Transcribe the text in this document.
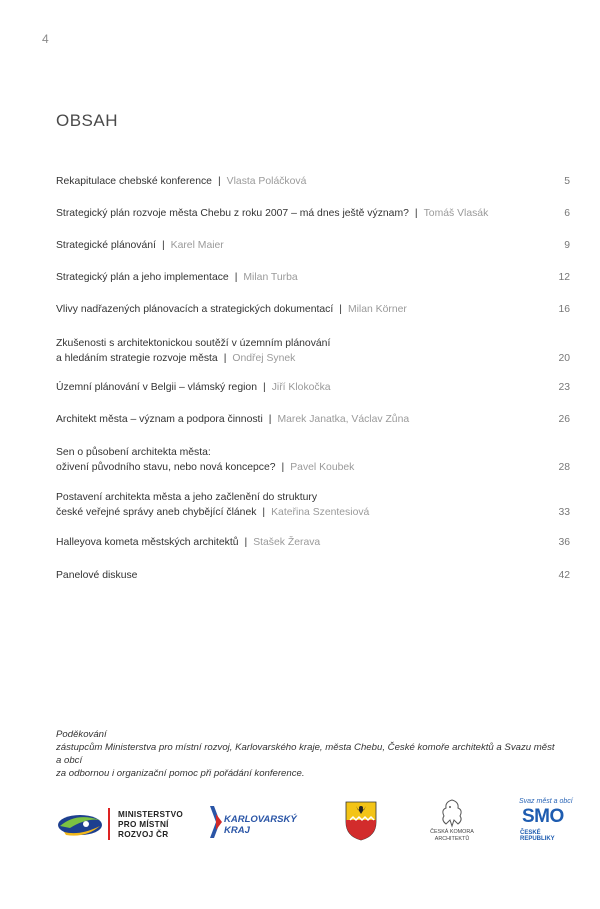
4
OBSAH
Rekapitulace chebské konference | Vlasta Poláčková	5
Strategický plán rozvoje města Chebu z roku 2007 – má dnes ještě význam? | Tomáš Vlasák	6
Strategické plánování | Karel Maier	9
Strategický plán a jeho implementace | Milan Turba	12
Vlivy nadřazených plánovacích a strategických dokumentací | Milan Körner	16
Zkušenosti s architektonickou soutěží v územním plánování
a hledáním strategie rozvoje města | Ondřej Synek	20
Územní plánování v Belgii – vlámský region | Jiří Klokočka	23
Architekt města – význam a podpora činnosti | Marek Janatka, Václav Zůna	26
Sen o působení architekta města:
oživení původního stavu, nebo nová koncepce? | Pavel Koubek	28
Postavení architekta města a jeho začlenění do struktury
české veřejné správy aneb chybějící článek | Kateřina Szentesiová	33
Halleyova kometa městských architektů | Stašek Žerava	36
Panelové diskuse	42
Poděkování
zástupcům Ministerstva pro místní rozvoj, Karlovarského kraje, města Chebu, České komoře architektů a Svazu měst a obcí
za odbornou i organizační pomoc při pořádání konference.
MINISTERSTVO
PRO MÍSTNÍ
ROZVOJ ČR
KARLOVARSKÝ
KRAJ	ČESKÁ KOMORA
ARCHITEKTŮ
Svaz měst a obcí
SMO
ČESKÉ REPUBLIKY
